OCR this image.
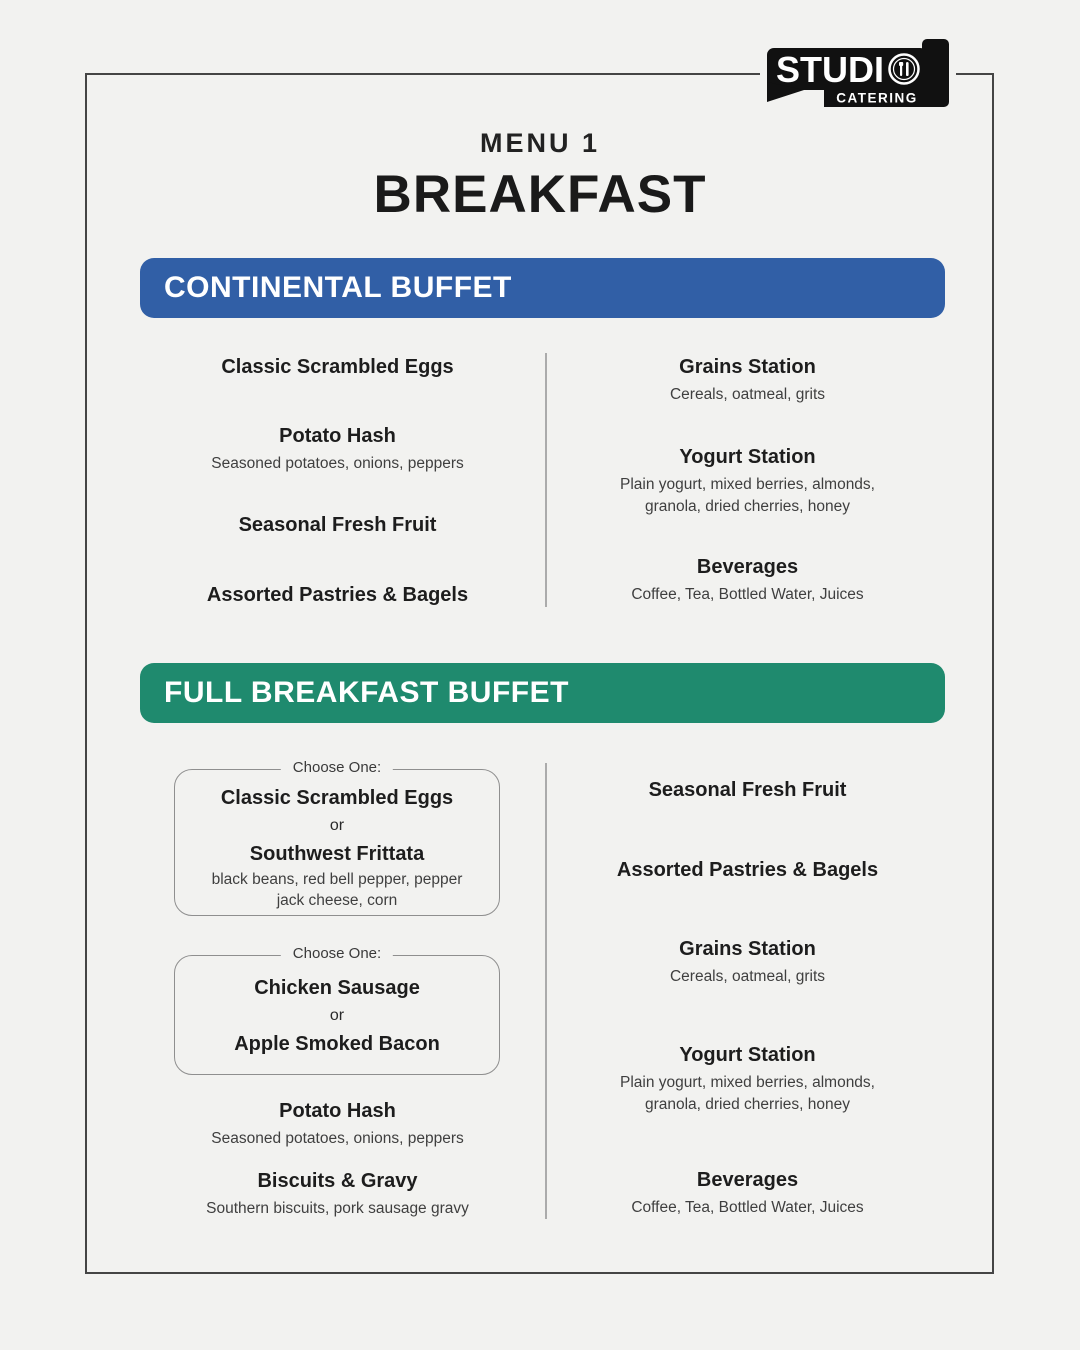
STUDI
CATERING
MENU 1
BREAKFAST
CONTINENTAL BUFFET
Classic Scrambled Eggs
Potato Hash
Seasoned potatoes, onions, peppers
Seasonal Fresh Fruit
Assorted Pastries & Bagels
Grains Station
Cereals, oatmeal, grits
Yogurt Station
Plain yogurt, mixed berries, almonds, granola, dried cherries, honey
Beverages
Coffee, Tea, Bottled Water, Juices
FULL BREAKFAST BUFFET
Choose One:
Classic Scrambled Eggs
or
Southwest Frittata
black beans, red bell pepper, pepper jack cheese, corn
Choose One:
Chicken Sausage
or
Apple Smoked Bacon
Potato Hash
Seasoned potatoes, onions, peppers
Biscuits & Gravy
Southern biscuits, pork sausage gravy
Seasonal Fresh Fruit
Assorted Pastries & Bagels
Grains Station
Cereals, oatmeal, grits
Yogurt Station
Plain yogurt, mixed berries, almonds, granola, dried cherries, honey
Beverages
Coffee, Tea, Bottled Water, Juices
